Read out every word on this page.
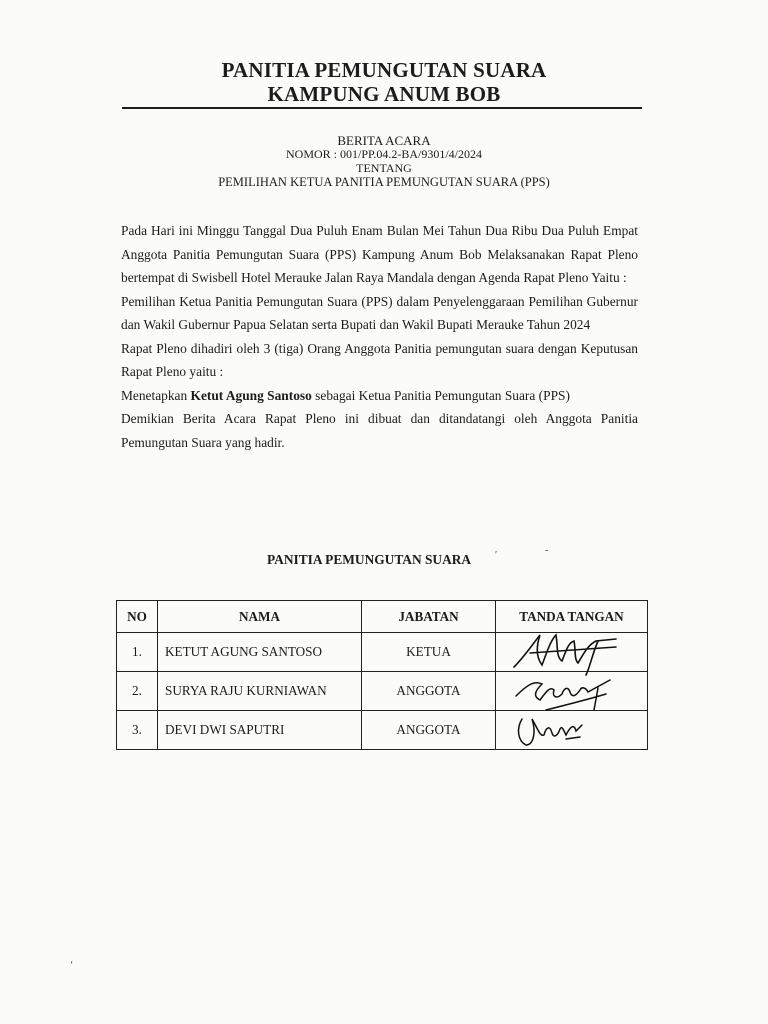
PANITIA PEMUNGUTAN SUARA
KAMPUNG ANUM BOB
BERITA ACARA
NOMOR : 001/PP.04.2-BA/9301/4/2024
TENTANG
PEMILIHAN KETUA PANITIA PEMUNGUTAN SUARA (PPS)

Pada Hari ini Minggu Tanggal Dua Puluh Enam Bulan Mei Tahun Dua Ribu Dua Puluh Empat Anggota Panitia Pemungutan Suara (PPS) Kampung Anum Bob Melaksanakan Rapat Pleno bertempat di Swisbell Hotel Merauke Jalan Raya Mandala dengan Agenda Rapat Pleno Yaitu :

Pemilihan Ketua Panitia Pemungutan Suara (PPS) dalam Penyelenggaraan Pemilihan Gubernur dan Wakil Gubernur Papua Selatan serta Bupati dan Wakil Bupati Merauke Tahun 2024

Rapat Pleno dihadiri oleh 3 (tiga) Orang Anggota Panitia pemungutan suara dengan Keputusan Rapat Pleno yaitu :

Menetapkan Ketut Agung Santoso sebagai Ketua Panitia Pemungutan Suara (PPS)

Demikian Berita Acara Rapat Pleno ini dibuat dan ditandatangi oleh Anggota Panitia Pemungutan Suara yang hadir.

PANITIA PEMUNGUTAN SUARA ′	-
‘
NO	NAMA	JABATAN	TANDA TANGAN
1.	KETUT AGUNG SANTOSO	KETUA	

2.	SURYA RAJU KURNIAWAN	ANGGOTA	

3.	DEVI DWI SAPUTRI	ANGGOTA	
